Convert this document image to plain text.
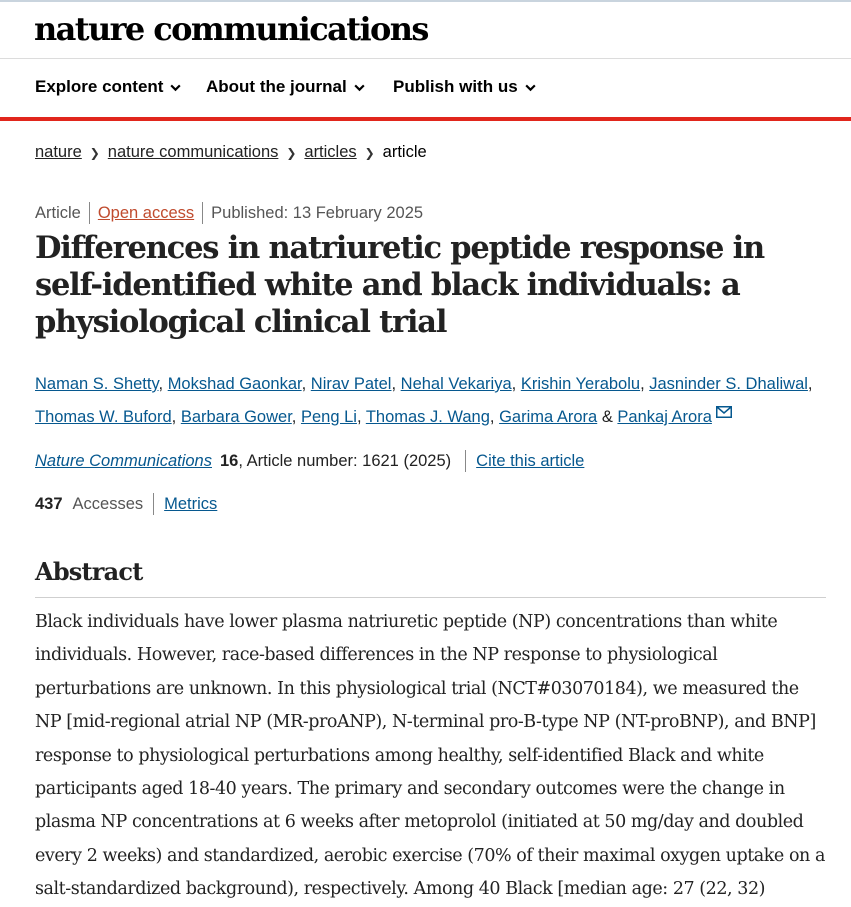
nature communications
Explore content	About the journal	Publish with us
nature ❯ nature communications ❯ articles ❯ article
Article Open access Published: 13 February 2025
Differences in natriuretic peptide response in self-identified white and black individuals: a physiological clinical trial
Naman S. Shetty, Mokshad Gaonkar, Nirav Patel, Nehal Vekariya, Krishin Yerabolu, Jasninder S. Dhaliwal, Thomas W. Buford, Barbara Gower, Peng Li, Thomas J. Wang, Garima Arora & Pankaj Arora
Nature Communications 16 , Article number: 1621 (2025) Cite this article
437 Accesses Metrics
Abstract

Black individuals have lower plasma natriuretic peptide (NP) concentrations than white individuals. However, race-based differences in the NP response to physiological perturbations are unknown. In this physiological trial (NCT#03070184), we measured the NP [mid-regional atrial NP (MR-proANP), N-terminal pro-B-type NP (NT-proBNP), and BNP] response to physiological perturbations among healthy, self-identified Black and white participants aged 18-40 years. The primary and secondary outcomes were the change in plasma NP concentrations at 6 weeks after metoprolol (initiated at 50 mg/day and doubled every 2 weeks) and standardized, aerobic exercise (70% of their maximal oxygen uptake on a salt-standardized background), respectively. Among 40 Black [median age: 27 (22, 32)
